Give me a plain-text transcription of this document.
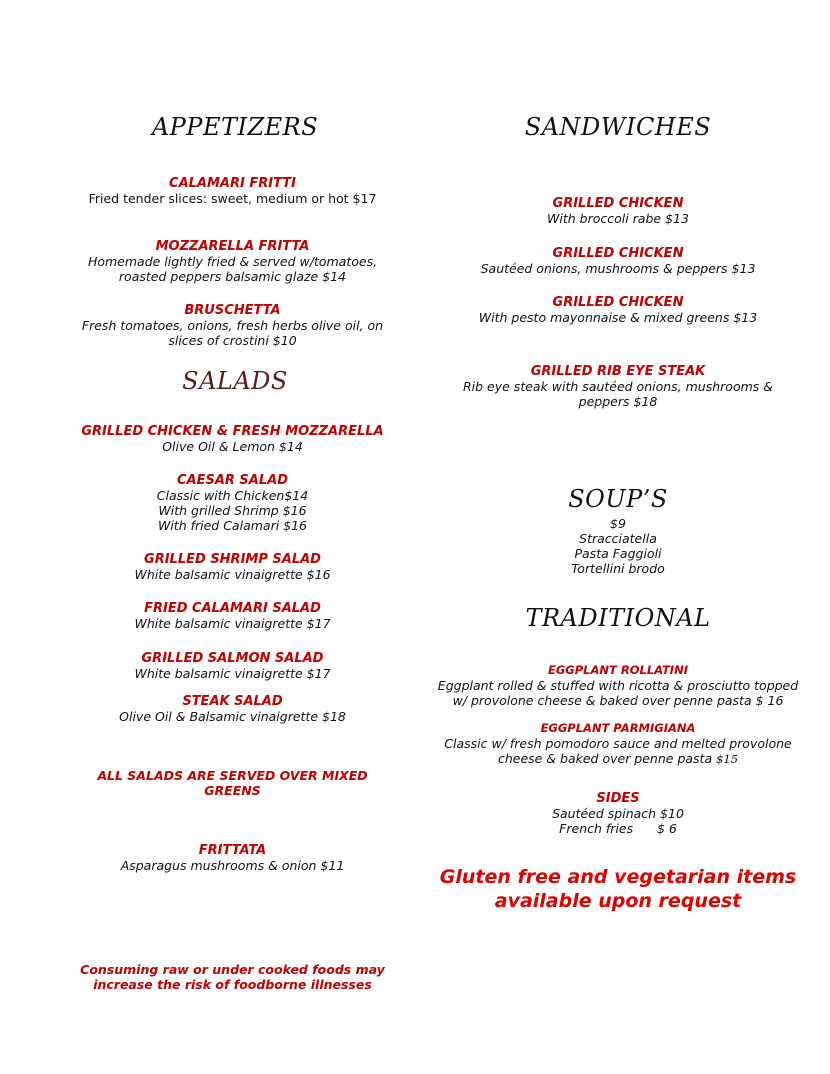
APPETIZERS
CALAMARI FRITTI
Fried tender slices: sweet, medium or hot $17
MOZZARELLA FRITTA
Homemade lightly fried & served w/tomatoes,
roasted peppers balsamic glaze $14
BRUSCHETTA
Fresh tomatoes, onions, fresh herbs olive oil, on
slices of crostini $10
SALADS
GRILLED CHICKEN & FRESH MOZZARELLA
Olive Oil & Lemon $14
CAESAR SALAD
Classic with Chicken$14
With grilled Shrimp $16
With fried Calamari $16
GRILLED SHRIMP SALAD
White balsamic vinaigrette $16
FRIED CALAMARI SALAD
White balsamic vinaigrette $17
GRILLED SALMON SALAD
White balsamic vinaigrette $17
STEAK SALAD
Olive Oil & Balsamic vinaigrette $18
ALL SALADS ARE SERVED OVER MIXED
GREENS
FRITTATA
Asparagus mushrooms & onion $11
Consuming raw or under cooked foods may
increase the risk of foodborne illnesses
SANDWICHES
GRILLED CHICKEN
With broccoli rabe $13
GRILLED CHICKEN
Sautéed onions, mushrooms & peppers $13
GRILLED CHICKEN
With pesto mayonnaise & mixed greens $13
GRILLED RIB EYE STEAK
Rib eye steak with sautéed onions, mushrooms &
peppers $18
SOUP’S
$9
Stracciatella
Pasta Faggioli
Tortellini brodo
TRADITIONAL
EGGPLANT ROLLATINI
Eggplant rolled & stuffed with ricotta & prosciutto topped
w/ provolone cheese & baked over penne pasta $ 16
EGGPLANT PARMIGIANA
Classic w/ fresh pomodoro sauce and melted provolone
cheese & baked over penne pasta $15
SIDES
Sautéed spinach $10
French fries      $ 6
Gluten free and vegetarian items
available upon request
